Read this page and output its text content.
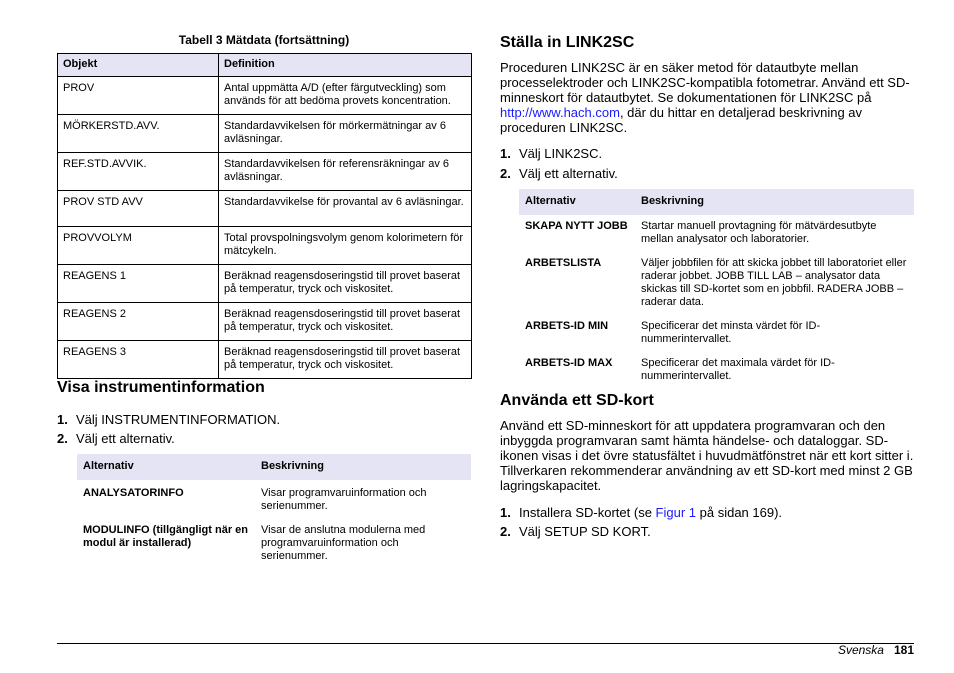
Tabell 3 Mätdata (fortsättning)
Objekt	Definition
PROV	Antal uppmätta A/D (efter färgutveckling) som används för att bedöma provets koncentration.
MÖRKERSTD.AVV.	Standardavvikelsen för mörkermätningar av 6 avläsningar.
REF.STD.AVVIK.	Standardavvikelsen för referensräkningar av 6 avläsningar.
PROV STD AVV	Standardavvikelse för provantal av 6 avläsningar.
PROVVOLYM	Total provspolningsvolym genom kolorimetern för mätcykeln.
REAGENS 1	Beräknad reagensdoseringstid till provet baserat på temperatur, tryck och viskositet.
REAGENS 2	Beräknad reagensdoseringstid till provet baserat på temperatur, tryck och viskositet.
REAGENS 3	Beräknad reagensdoseringstid till provet baserat på temperatur, tryck och viskositet.
Visa instrumentinformation
1. Välj INSTRUMENTINFORMATION.
2. Välj ett alternativ.
Alternativ	Beskrivning
ANALYSATORINFO	Visar programvaruinformation och serienummer.
MODULINFO (tillgängligt när en modul är installerad)	Visar de anslutna modulerna med programvaruinformation och serienummer.
Ställa in LINK2SC

Proceduren LINK2SC är en säker metod för datautbyte mellan processelektroder och LINK2SC-kompatibla fotometrar. Använd ett SD-minneskort för datautbytet. Se dokumentationen för LINK2SC på http://www.hach.com, där du hittar en detaljerad beskrivning av proceduren LINK2SC.

1. Välj LINK2SC.
2. Välj ett alternativ.
Alternativ	Beskrivning
SKAPA NYTT JOBB	Startar manuell provtagning för mätvärdesutbyte mellan analysator och laboratorier.
ARBETSLISTA	Väljer jobbfilen för att skicka jobbet till laboratoriet eller raderar jobbet. JOBB TILL LAB – analysator data skickas till SD-kortet som en jobbfil. RADERA JOBB – raderar data.
ARBETS-ID MIN	Specificerar det minsta värdet för ID-nummerintervallet.
ARBETS-ID MAX	Specificerar det maximala värdet för ID-nummerintervallet.
Använda ett SD-kort

Använd ett SD-minneskort för att uppdatera programvaran och den inbyggda programvaran samt hämta händelse- och dataloggar. SD-ikonen visas i det övre statusfältet i huvudmätfönstret när ett kort sitter i. Tillverkaren rekommenderar användning av ett SD-kort med minst 2 GB lagringskapacitet.

1. Installera SD-kortet (se Figur 1 på sidan 169).
2. Välj SETUP SD KORT.
Svenska 181
